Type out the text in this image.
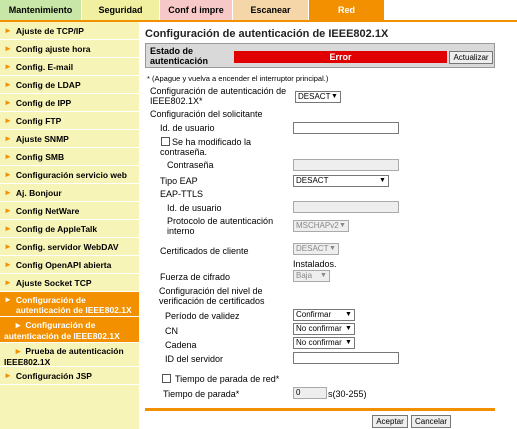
Mantenimiento	Seguridad	Conf d impre	Escanear	Red
► Ajuste de TCP/IP
► Config ajuste hora
► Config. E-mail
► Config de LDAP
► Config de IPP
► Config FTP
► Ajuste SNMP
► Config SMB
► Configuración servicio web
► Aj. Bonjour
► Config NetWare
► Config de AppleTalk
► Config. servidor WebDAV
► Config OpenAPI abierta
► Ajuste Socket TCP
► Configuración de autenticación de IEEE802.1X
► Configuración de autenticación de IEEE802.1X
► Prueba de autenticación IEEE802.1X
► Configuración JSP
Configuración de autenticación de IEEE802.1X
Estado de autenticación	Error	Actualizar
* (Apague y vuelva a encender el interruptor principal.)
Configuración de autenticación de IEEE802.1X*	DESACT ▼
Configuración del solicitante
Id. de usuario
Se ha modificado la contraseña.
Contraseña
Tipo EAP	DESACT	▼
EAP-TTLS
Id. de usuario
Protocolo de autenticación interno
MSCHAPv2 ▼
Certificados de cliente	DESACT ▼
Instalados.
Fuerza de cifrado	Baja ▼
Configuración del nivel de verificación de certificados
Período de validez	Confirmar ▼
CN	No confirmar ▼
Cadena	No confirmar ▼
ID del servidor
Tiempo de parada de red*
Tiempo de parada*	0	s(30-255)
Aceptar	Cancelar
